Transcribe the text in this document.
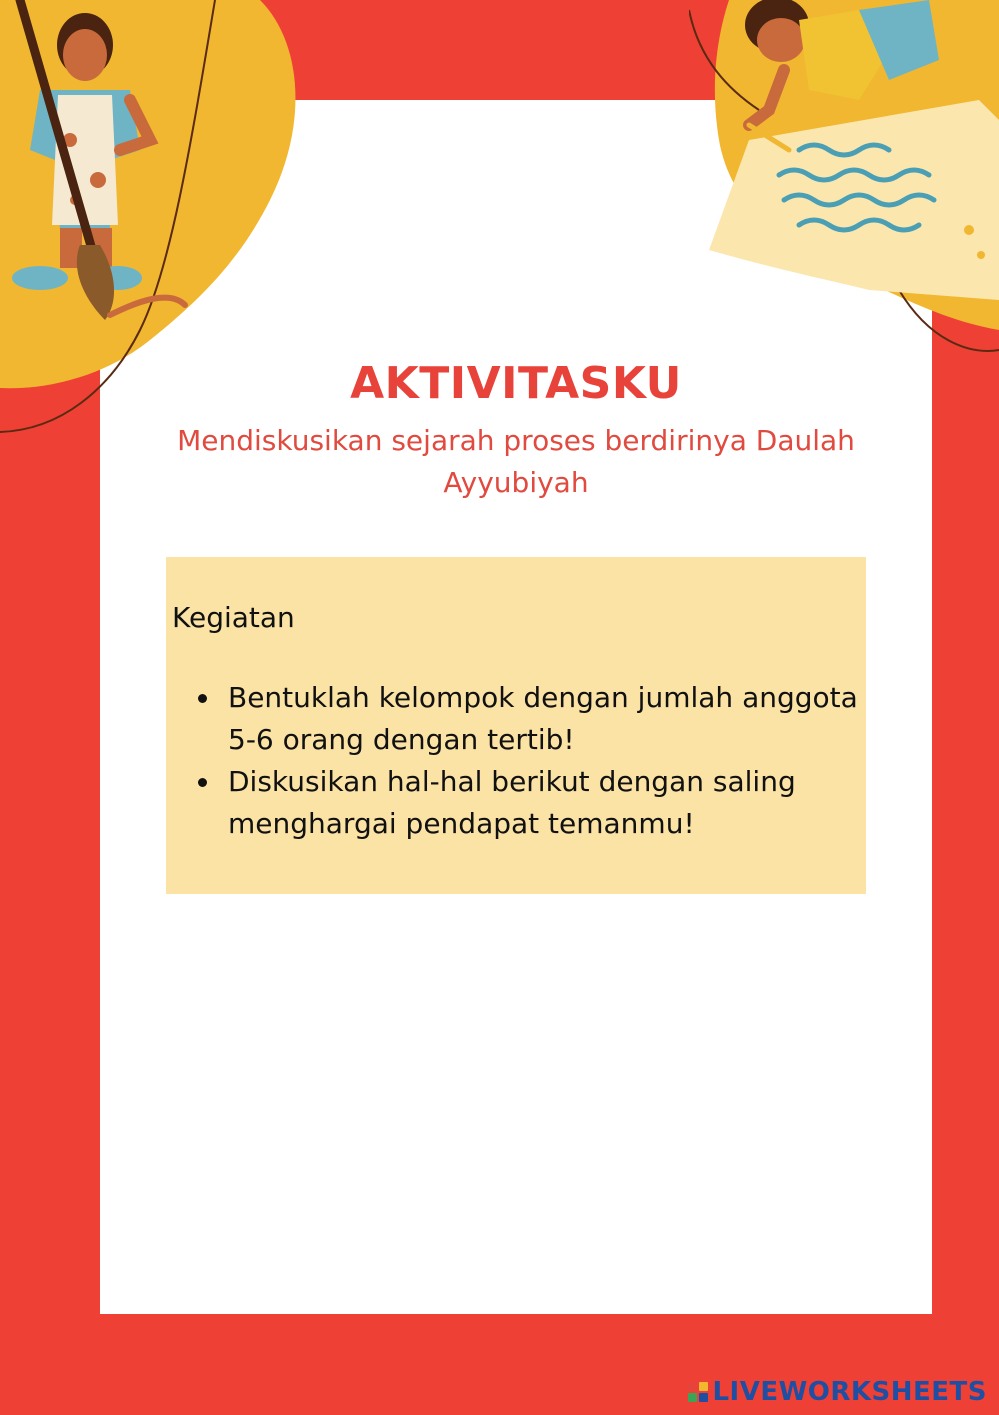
AKTIVITASKU

Mendiskusikan sejarah proses berdirinya Daulah Ayyubiyah

Kegiatan

• Bentuklah kelompok dengan jumlah anggota 5-6 orang dengan tertib!
• Diskusikan hal-hal berikut dengan saling menghargai pendapat temanmu!
LIVEWORKSHEETS
